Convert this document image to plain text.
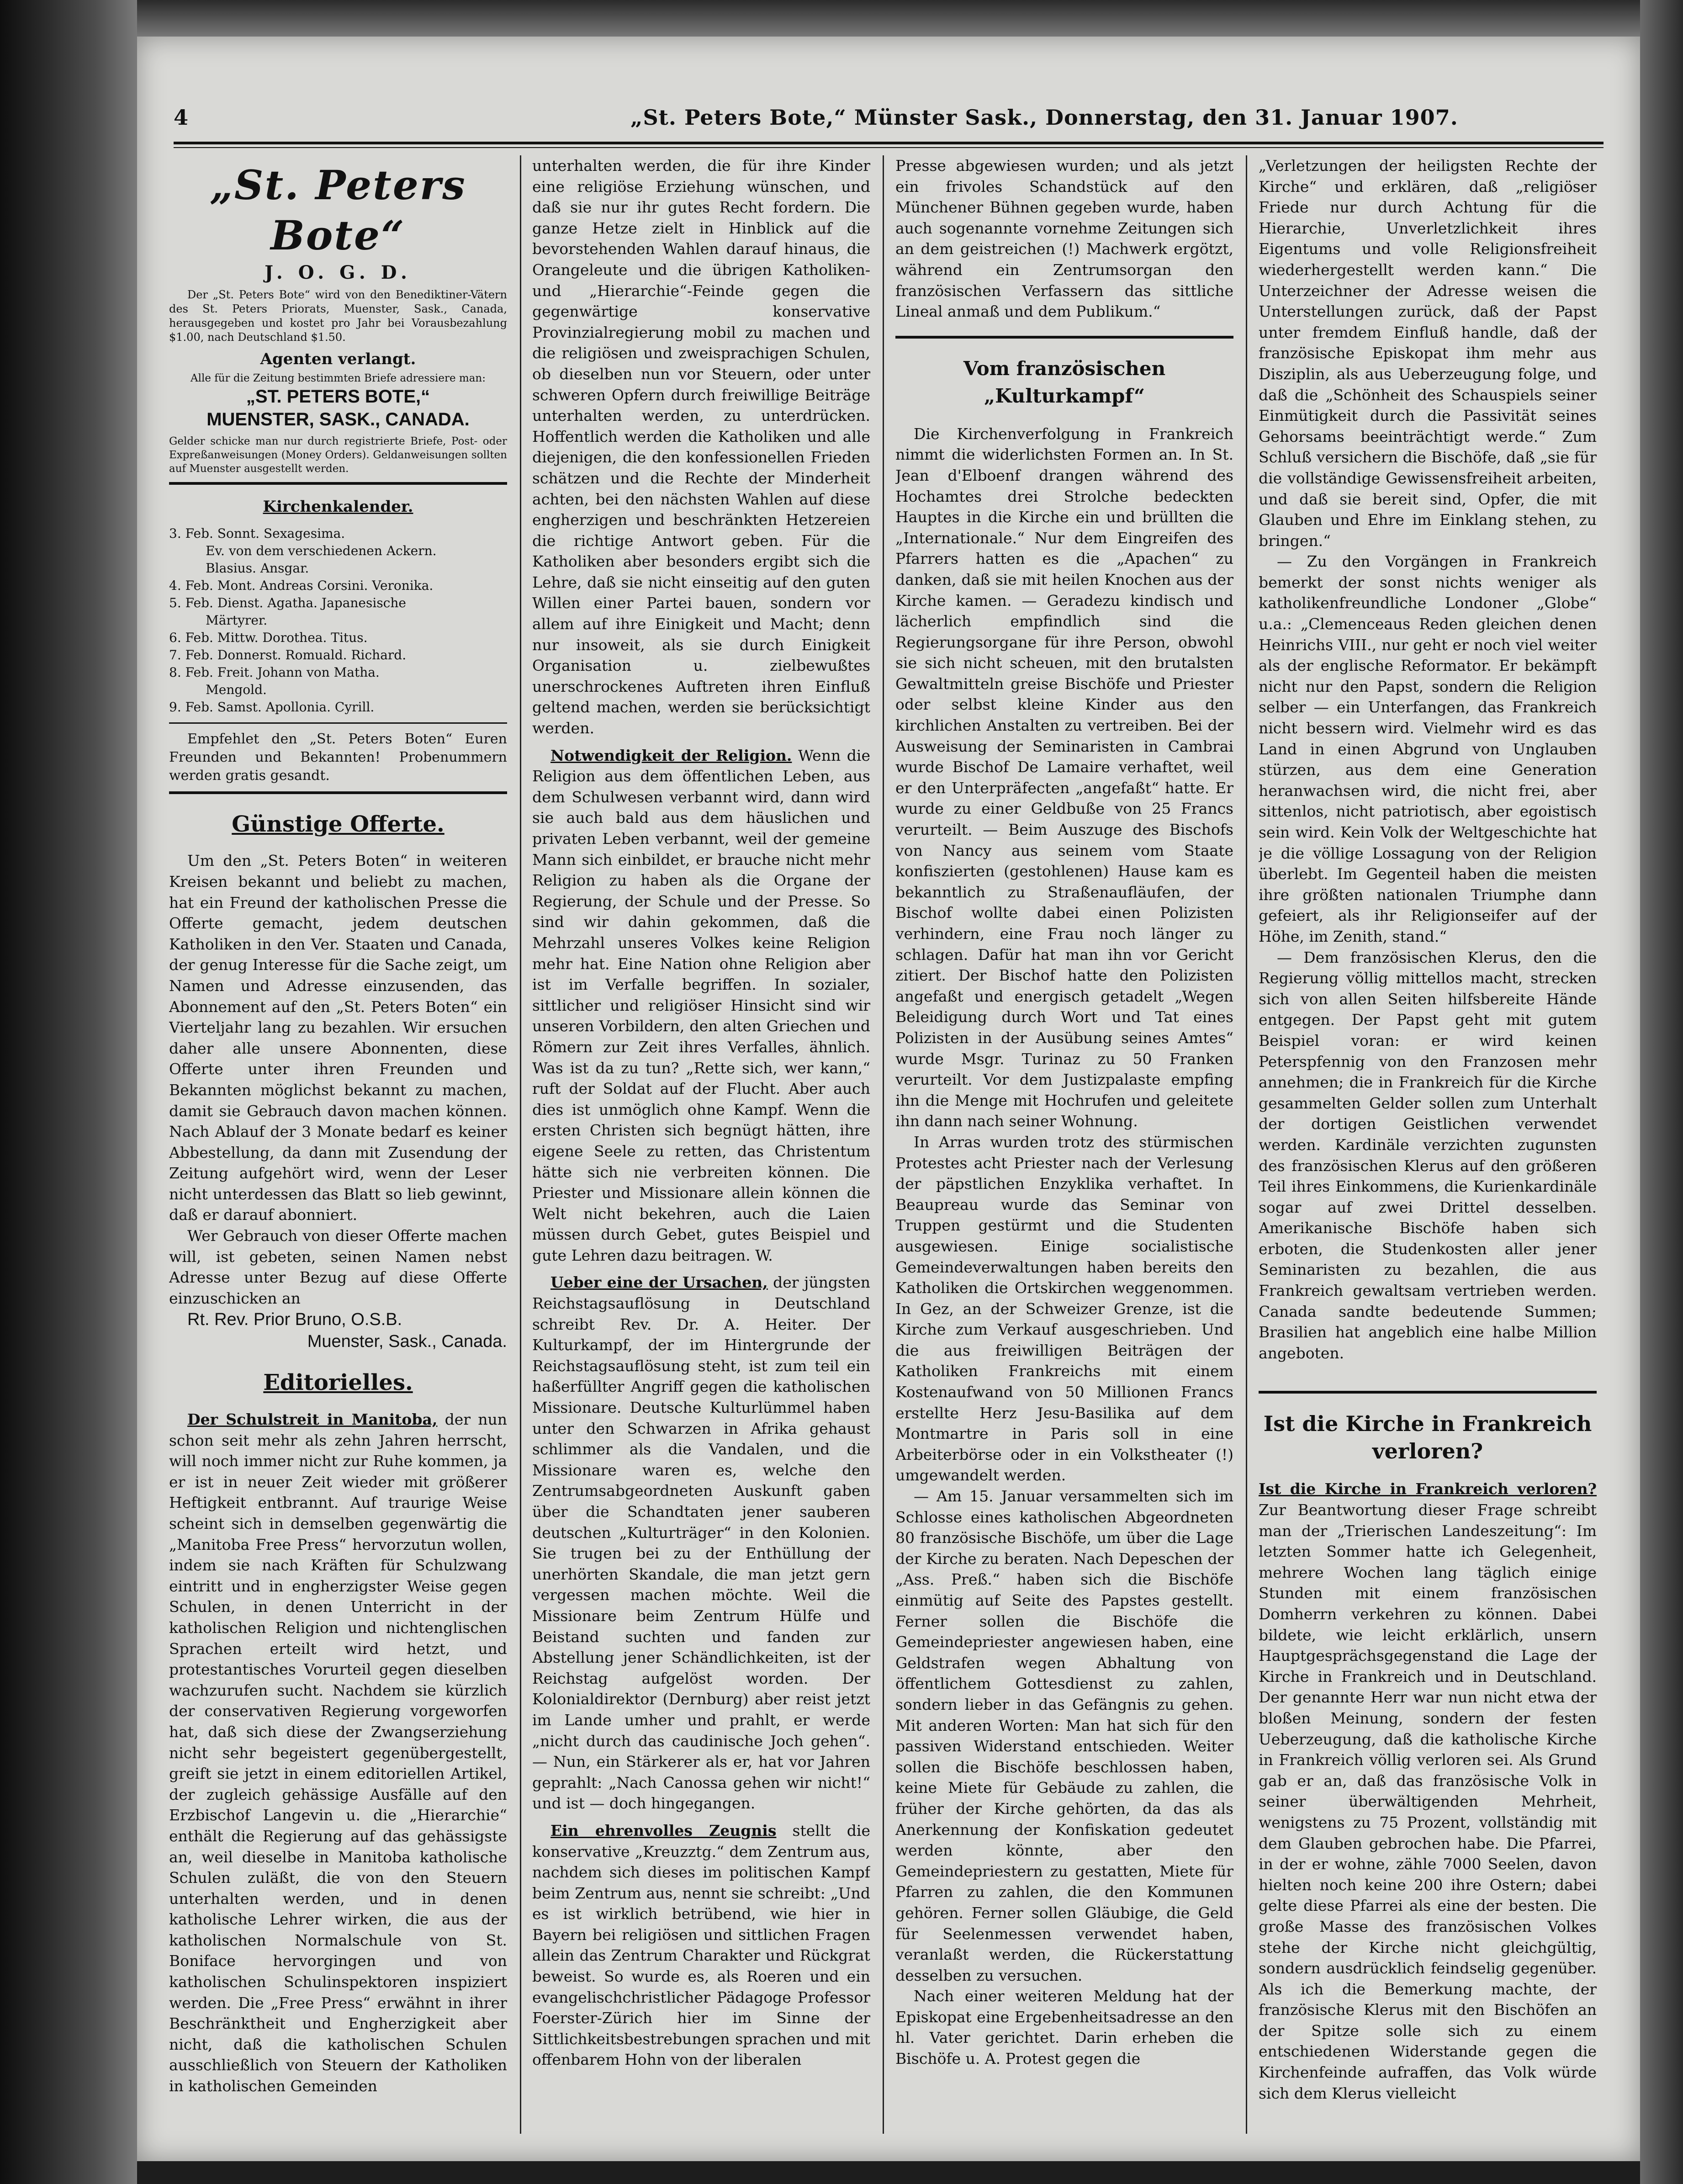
4	„St. Peters Bote,“ Münster Sask., Donnerstag, den 31. Januar 1907.
„St. Peters Bote“
J. O. G. D.

Der „St. Peters Bote“ wird von den Benediktiner-Vätern des St. Peters Priorats, Muenster, Sask., Canada, herausgegeben und kostet pro Jahr bei Vorausbezahlung $1.00, nach Deutschland $1.50.

Agenten verlangt.

Alle für die Zeitung bestimmten Briefe adressiere man:

„ST. PETERS BOTE,“
MUENSTER, SASK., CANADA.

Gelder schicke man nur durch registrierte Briefe, Post- oder Expreßanweisungen (Money Orders). Geldanweisungen sollten auf Muenster ausgestellt werden.

Kirchenkalender.
3. Feb. Sonnt. Sexagesima.
Ev. von dem verschiedenen Ackern.
Blasius. Ansgar.
4. Feb. Mont. Andreas Corsini. Veronika.
5. Feb. Dienst. Agatha. Japanesische
Märtyrer.
6. Feb. Mittw. Dorothea. Titus.
7. Feb. Donnerst. Romuald. Richard.
8. Feb. Freit. Johann von Matha.
Mengold.
9. Feb. Samst. Apollonia. Cyrill.

Empfehlet den „St. Peters Boten“ Euren Freunden und Bekannten! Probenummern werden gratis gesandt.

Günstige Offerte.

Um den „St. Peters Boten“ in weiteren Kreisen bekannt und beliebt zu machen, hat ein Freund der katholischen Presse die Offerte gemacht, jedem deutschen Katholiken in den Ver. Staaten und Canada, der genug Interesse für die Sache zeigt, um Namen und Adresse einzusenden, das Abonnement auf den „St. Peters Boten“ ein Vierteljahr lang zu bezahlen. Wir ersuchen daher alle unsere Abonnenten, diese Offerte unter ihren Freunden und Bekannten möglichst bekannt zu machen, damit sie Gebrauch davon machen können. Nach Ablauf der 3 Monate bedarf es keiner Abbestellung, da dann mit Zusendung der Zeitung aufgehört wird, wenn der Leser nicht unterdessen das Blatt so lieb gewinnt, daß er darauf abonniert.

Wer Gebrauch von dieser Offerte machen will, ist gebeten, seinen Namen nebst Adresse unter Bezug auf diese Offerte einzuschicken an

Rt. Rev. Prior Bruno, O.S.B.

Muenster, Sask., Canada.

Editorielles.

Der Schulstreit in Manitoba, der nun schon seit mehr als zehn Jahren herrscht, will noch immer nicht zur Ruhe kommen, ja er ist in neuer Zeit wieder mit größerer Heftigkeit entbrannt. Auf traurige Weise scheint sich in demselben gegenwärtig die „Manitoba Free Press“ hervorzutun wollen, indem sie nach Kräften für Schulzwang eintritt und in engherzigster Weise gegen Schulen, in denen Unterricht in der katholischen Religion und nichtenglischen Sprachen erteilt wird hetzt, und protestantisches Vorurteil gegen dieselben wachzurufen sucht. Nachdem sie kürzlich der conservativen Regierung vorgeworfen hat, daß sich diese der Zwangserziehung nicht sehr begeistert gegenübergestellt, greift sie jetzt in einem editoriellen Artikel, der zugleich gehässige Ausfälle auf den Erzbischof Langevin u. die „Hierarchie“ enthält die Regierung auf das gehässigste an, weil dieselbe in Manitoba katholische Schulen zuläßt, die von den Steuern unterhalten werden, und in denen katholische Lehrer wirken, die aus der katholischen Normalschule von St. Boniface hervorgingen und von katholischen Schulinspektoren inspiziert werden. Die „Free Press“ erwähnt in ihrer Beschränktheit und Engherzigkeit aber nicht, daß die katholischen Schulen ausschließlich von Steuern der Katholiken in katholischen Gemeinden

unterhalten werden, die für ihre Kinder eine religiöse Erziehung wünschen, und daß sie nur ihr gutes Recht fordern. Die ganze Hetze zielt in Hinblick auf die bevorstehenden Wahlen darauf hinaus, die Orangeleute und die übrigen Katholiken- und „Hierarchie“-Feinde gegen die gegenwärtige konservative Provinzialregierung mobil zu machen und die religiösen und zweisprachigen Schulen, ob dieselben nun vor Steuern, oder unter schweren Opfern durch freiwillige Beiträge unterhalten werden, zu unterdrücken. Hoffentlich werden die Katholiken und alle diejenigen, die den konfessionellen Frieden schätzen und die Rechte der Minderheit achten, bei den nächsten Wahlen auf diese engherzigen und beschränkten Hetzereien die richtige Antwort geben. Für die Katholiken aber besonders ergibt sich die Lehre, daß sie nicht einseitig auf den guten Willen einer Partei bauen, sondern vor allem auf ihre Einigkeit und Macht; denn nur insoweit, als sie durch Einigkeit Organisation u. zielbewußtes unerschrockenes Auftreten ihren Einfluß geltend machen, werden sie berücksichtigt werden.

Notwendigkeit der Religion. Wenn die Religion aus dem öffentlichen Leben, aus dem Schulwesen verbannt wird, dann wird sie auch bald aus dem häuslichen und privaten Leben verbannt, weil der gemeine Mann sich einbildet, er brauche nicht mehr Religion zu haben als die Organe der Regierung, der Schule und der Presse. So sind wir dahin gekommen, daß die Mehrzahl unseres Volkes keine Religion mehr hat. Eine Nation ohne Religion aber ist im Verfalle begriffen. In sozialer, sittlicher und religiöser Hinsicht sind wir unseren Vorbildern, den alten Griechen und Römern zur Zeit ihres Verfalles, ähnlich. Was ist da zu tun? „Rette sich, wer kann,“ ruft der Soldat auf der Flucht. Aber auch dies ist unmöglich ohne Kampf. Wenn die ersten Christen sich begnügt hätten, ihre eigene Seele zu retten, das Christentum hätte sich nie verbreiten können. Die Priester und Missionare allein können die Welt nicht bekehren, auch die Laien müssen durch Gebet, gutes Beispiel und gute Lehren dazu beitragen. W.

Ueber eine der Ursachen, der jüngsten Reichstagsauflösung in Deutschland schreibt Rev. Dr. A. Heiter. Der Kulturkampf, der im Hintergrunde der Reichstagsauflösung steht, ist zum teil ein haßerfüllter Angriff gegen die katholischen Missionare. Deutsche Kulturlümmel haben unter den Schwarzen in Afrika gehaust schlimmer als die Vandalen, und die Missionare waren es, welche den Zentrumsabgeordneten Auskunft gaben über die Schandtaten jener sauberen deutschen „Kulturträger“ in den Kolonien. Sie trugen bei zu der Enthüllung der unerhörten Skandale, die man jetzt gern vergessen machen möchte. Weil die Missionare beim Zentrum Hülfe und Beistand suchten und fanden zur Abstellung jener Schändlichkeiten, ist der Reichstag aufgelöst worden. Der Kolonialdirektor (Dernburg) aber reist jetzt im Lande umher und prahlt, er werde „nicht durch das caudinische Joch gehen“. — Nun, ein Stärkerer als er, hat vor Jahren geprahlt: „Nach Canossa gehen wir nicht!“ und ist — doch hingegangen.

Ein ehrenvolles Zeugnis stellt die konservative „Kreuzztg.“ dem Zentrum aus, nachdem sich dieses im politischen Kampf beim Zentrum aus, nennt sie schreibt: „Und es ist wirklich betrübend, wie hier in Bayern bei religiösen und sittlichen Fragen allein das Zentrum Charakter und Rückgrat beweist. So wurde es, als Roeren und ein evangelischchristlicher Pädagoge Professor Foerster-Zürich hier im Sinne der Sittlichkeitsbestrebungen sprachen und mit offenbarem Hohn von der liberalen

Presse abgewiesen wurden; und als jetzt ein frivoles Schandstück auf den Münchener Bühnen gegeben wurde, haben auch sogenannte vornehme Zeitungen sich an dem geistreichen (!) Machwerk ergötzt, während ein Zentrumsorgan den französischen Verfassern das sittliche Lineal anmaß und dem Publikum.“

Vom französischen „Kulturkampf“

Die Kirchenverfolgung in Frankreich nimmt die widerlichsten Formen an. In St. Jean d'Elboenf drangen während des Hochamtes drei Strolche bedeckten Hauptes in die Kirche ein und brüllten die „Internationale.“ Nur dem Eingreifen des Pfarrers hatten es die „Apachen“ zu danken, daß sie mit heilen Knochen aus der Kirche kamen. — Geradezu kindisch und lächerlich empfindlich sind die Regierungsorgane für ihre Person, obwohl sie sich nicht scheuen, mit den brutalsten Gewaltmitteln greise Bischöfe und Priester oder selbst kleine Kinder aus den kirchlichen Anstalten zu vertreiben. Bei der Ausweisung der Seminaristen in Cambrai wurde Bischof De Lamaire verhaftet, weil er den Unterpräfecten „angefaßt“ hatte. Er wurde zu einer Geldbuße von 25 Francs verurteilt. — Beim Auszuge des Bischofs von Nancy aus seinem vom Staate konfiszierten (gestohlenen) Hause kam es bekanntlich zu Straßenaufläufen, der Bischof wollte dabei einen Polizisten verhindern, eine Frau noch länger zu schlagen. Dafür hat man ihn vor Gericht zitiert. Der Bischof hatte den Polizisten angefaßt und energisch getadelt „Wegen Beleidigung durch Wort und Tat eines Polizisten in der Ausübung seines Amtes“ wurde Msgr. Turinaz zu 50 Franken verurteilt. Vor dem Justizpalaste empfing ihn die Menge mit Hochrufen und geleitete ihn dann nach seiner Wohnung.

In Arras wurden trotz des stürmischen Protestes acht Priester nach der Verlesung der päpstlichen Enzyklika verhaftet. In Beaupreau wurde das Seminar von Truppen gestürmt und die Studenten ausgewiesen. Einige socialistische Gemeindeverwaltungen haben bereits den Katholiken die Ortskirchen weggenommen. In Gez, an der Schweizer Grenze, ist die Kirche zum Verkauf ausgeschrieben. Und die aus freiwilligen Beiträgen der Katholiken Frankreichs mit einem Kostenaufwand von 50 Millionen Francs erstellte Herz Jesu-Basilika auf dem Montmartre in Paris soll in eine Arbeiterbörse oder in ein Volkstheater (!) umgewandelt werden.

— Am 15. Januar versammelten sich im Schlosse eines katholischen Abgeordneten 80 französische Bischöfe, um über die Lage der Kirche zu beraten. Nach Depeschen der „Ass. Preß.“ haben sich die Bischöfe einmütig auf Seite des Papstes gestellt. Ferner sollen die Bischöfe die Gemeindepriester angewiesen haben, eine Geldstrafen wegen Abhaltung von öffentlichem Gottesdienst zu zahlen, sondern lieber in das Gefängnis zu gehen. Mit anderen Worten: Man hat sich für den passiven Widerstand entschieden. Weiter sollen die Bischöfe beschlossen haben, keine Miete für Gebäude zu zahlen, die früher der Kirche gehörten, da das als Anerkennung der Konfiskation gedeutet werden könnte, aber den Gemeindepriestern zu gestatten, Miete für Pfarren zu zahlen, die den Kommunen gehören. Ferner sollen Gläubige, die Geld für Seelenmessen verwendet haben, veranlaßt werden, die Rückerstattung desselben zu versuchen.

Nach einer weiteren Meldung hat der Episkopat eine Ergebenheitsadresse an den hl. Vater gerichtet. Darin erheben die Bischöfe u. A. Protest gegen die

„Verletzungen der heiligsten Rechte der Kirche“ und erklären, daß „religiöser Friede nur durch Achtung für die Hierarchie, Unverletzlichkeit ihres Eigentums und volle Religionsfreiheit wiederhergestellt werden kann.“ Die Unterzeichner der Adresse weisen die Unterstellungen zurück, daß der Papst unter fremdem Einfluß handle, daß der französische Episkopat ihm mehr aus Disziplin, als aus Ueberzeugung folge, und daß die „Schönheit des Schauspiels seiner Einmütigkeit durch die Passivität seines Gehorsams beeinträchtigt werde.“ Zum Schluß versichern die Bischöfe, daß „sie für die vollständige Gewissensfreiheit arbeiten, und daß sie bereit sind, Opfer, die mit Glauben und Ehre im Einklang stehen, zu bringen.“

— Zu den Vorgängen in Frankreich bemerkt der sonst nichts weniger als katholikenfreundliche Londoner „Globe“ u.a.: „Clemenceaus Reden gleichen denen Heinrichs VIII., nur geht er noch viel weiter als der englische Reformator. Er bekämpft nicht nur den Papst, sondern die Religion selber — ein Unterfangen, das Frankreich nicht bessern wird. Vielmehr wird es das Land in einen Abgrund von Unglauben stürzen, aus dem eine Generation heranwachsen wird, die nicht frei, aber sittenlos, nicht patriotisch, aber egoistisch sein wird. Kein Volk der Weltgeschichte hat je die völlige Lossagung von der Religion überlebt. Im Gegenteil haben die meisten ihre größten nationalen Triumphe dann gefeiert, als ihr Religionseifer auf der Höhe, im Zenith, stand.“

— Dem französischen Klerus, den die Regierung völlig mittellos macht, strecken sich von allen Seiten hilfsbereite Hände entgegen. Der Papst geht mit gutem Beispiel voran: er wird keinen Peterspfennig von den Franzosen mehr annehmen; die in Frankreich für die Kirche gesammelten Gelder sollen zum Unterhalt der dortigen Geistlichen verwendet werden. Kardinäle verzichten zugunsten des französischen Klerus auf den größeren Teil ihres Einkommens, die Kurienkardinäle sogar auf zwei Drittel desselben. Amerikanische Bischöfe haben sich erboten, die Studenkosten aller jener Seminaristen zu bezahlen, die aus Frankreich gewaltsam vertrieben werden. Canada sandte bedeutende Summen; Brasilien hat angeblich eine halbe Million angeboten.

Ist die Kirche in Frankreich verloren?

Ist die Kirche in Frankreich verloren? Zur Beantwortung dieser Frage schreibt man der „Trierischen Landeszeitung“: Im letzten Sommer hatte ich Gelegenheit, mehrere Wochen lang täglich einige Stunden mit einem französischen Domherrn verkehren zu können. Dabei bildete, wie leicht erklärlich, unsern Hauptgesprächsgegenstand die Lage der Kirche in Frankreich und in Deutschland. Der genannte Herr war nun nicht etwa der bloßen Meinung, sondern der festen Ueberzeugung, daß die katholische Kirche in Frankreich völlig verloren sei. Als Grund gab er an, daß das französische Volk in seiner überwältigenden Mehrheit, wenigstens zu 75 Prozent, vollständig mit dem Glauben gebrochen habe. Die Pfarrei, in der er wohne, zähle 7000 Seelen, davon hielten noch keine 200 ihre Ostern; dabei gelte diese Pfarrei als eine der besten. Die große Masse des französischen Volkes stehe der Kirche nicht gleichgültig, sondern ausdrücklich feindselig gegenüber. Als ich die Bemerkung machte, der französische Klerus mit den Bischöfen an der Spitze solle sich zu einem entschiedenen Widerstande gegen die Kirchenfeinde aufraffen, das Volk würde sich dem Klerus vielleicht
